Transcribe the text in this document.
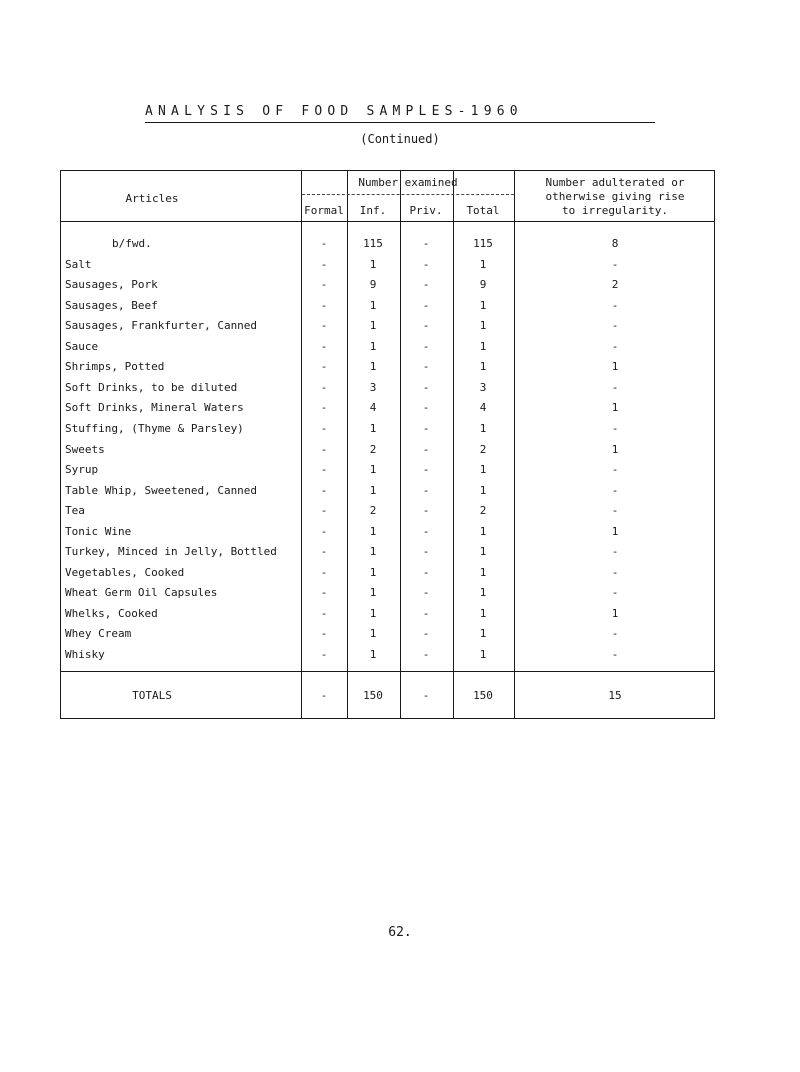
ANALYSIS OF FOOD SAMPLES-1960
(Continued)
Articles
Number examined
Formal Inf. Priv. Total
Number adulterated or
otherwise giving rise
to irregularity.
b/fwd.	-	115	-	115	8
Salt	-	1	-	1	-
Sausages, Pork	-	9	-	9	2
Sausages, Beef	-	1	-	1	-
Sausages, Frankfurter, Canned	-	1	-	1	-
Sauce	-	1	-	1	-
Shrimps, Potted	-	1	-	1	1
Soft Drinks, to be diluted	-	3	-	3	-
Soft Drinks, Mineral Waters	-	4	-	4	1
Stuffing, (Thyme & Parsley)	-	1	-	1	-
Sweets	-	2	-	2	1
Syrup	-	1	-	1	-
Table Whip, Sweetened, Canned	-	1	-	1	-
Tea	-	2	-	2	-
Tonic Wine	-	1	-	1	1
Turkey, Minced in Jelly, Bottled	-	1	-	1	-
Vegetables, Cooked	-	1	-	1	-
Wheat Germ Oil Capsules	-	1	-	1	-
Whelks, Cooked	-	1	-	1	1
Whey Cream	-	1	-	1	-
Whisky	-	1	-	1	-
TOTALS	-	150	-	150	15
62.
